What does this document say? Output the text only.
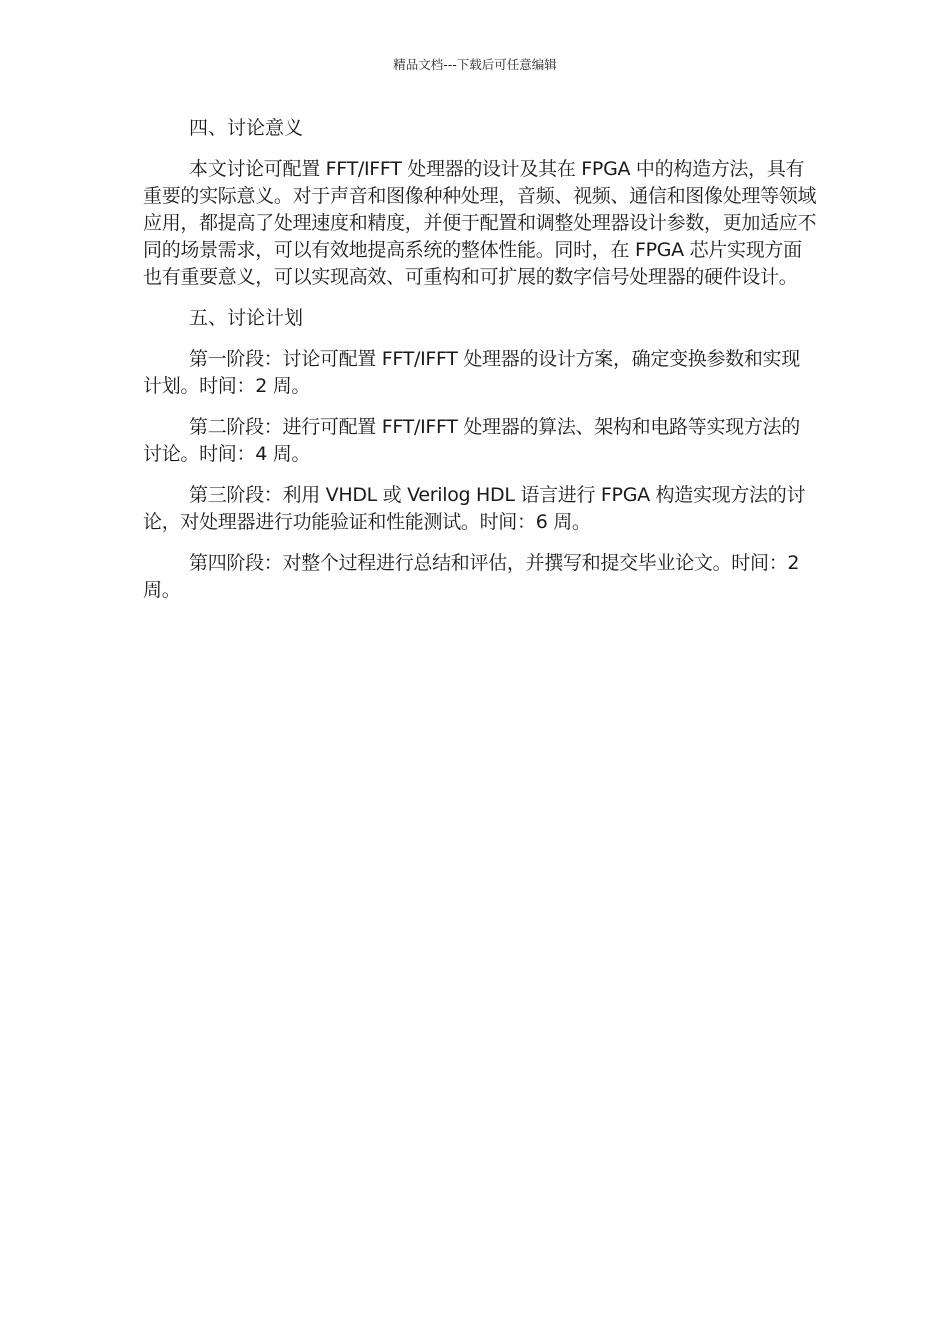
精品文档---下载后可任意编辑
四、讨论意义

本文讨论可配置 FFT/IFFT 处理器的设计及其在 FPGA 中的构造方法，具有重要的实际意义。对于声音和图像种种处理，音频、视频、通信和图像处理等领域应用，都提高了处理速度和精度，并便于配置和调整处理器设计参数，更加适应不同的场景需求，可以有效地提高系统的整体性能。同时，在 FPGA 芯片实现方面也有重要意义，可以实现高效、可重构和可扩展的数字信号处理器的硬件设计。

五、讨论计划

第一阶段：讨论可配置 FFT/IFFT 处理器的设计方案，确定变换参数和实现计划。时间：2 周。

第二阶段：进行可配置 FFT/IFFT 处理器的算法、架构和电路等实现方法的讨论。时间：4 周。

第三阶段：利用 VHDL 或 Verilog HDL 语言进行 FPGA 构造实现方法的讨论，对处理器进行功能验证和性能测试。时间：6 周。

第四阶段：对整个过程进行总结和评估，并撰写和提交毕业论文。时间：2 周。
